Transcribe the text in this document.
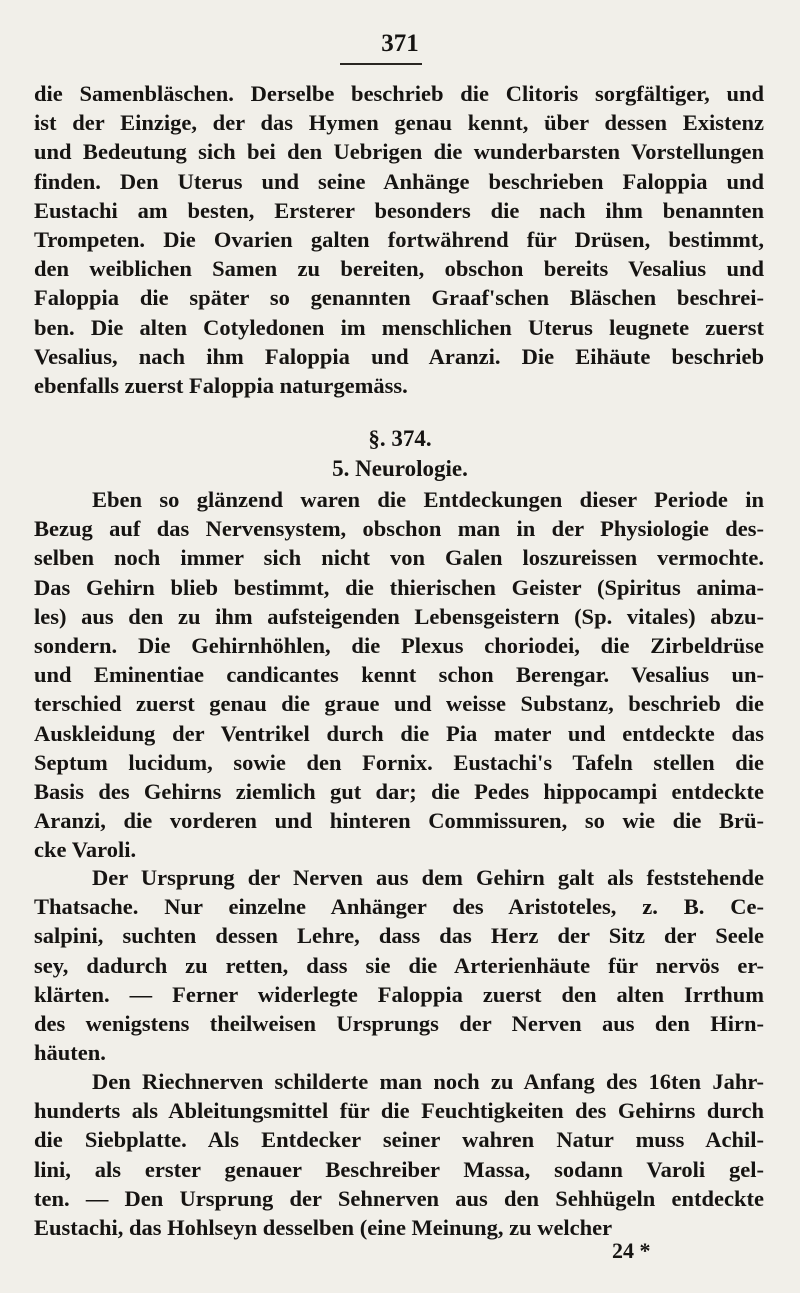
371
die Samenbläschen. Derselbe beschrieb die Clitoris sorgfältiger, und
ist der Einzige, der das Hymen genau kennt, über dessen Existenz
und Bedeutung sich bei den Uebrigen die wunderbarsten Vorstellungen
finden. Den Uterus und seine Anhänge beschrieben Faloppia und
Eustachi am besten, Ersterer besonders die nach ihm benannten
Trompeten. Die Ovarien galten fortwährend für Drüsen, bestimmt,
den weiblichen Samen zu bereiten, obschon bereits Vesalius und
Faloppia die später so genannten Graaf'schen Bläschen beschrei-
ben. Die alten Cotyledonen im menschlichen Uterus leugnete zuerst
Vesalius, nach ihm Faloppia und Aranzi. Die Eihäute beschrieb
ebenfalls zuerst Faloppia naturgemäss.
§. 374.
5. Neurologie.
Eben so glänzend waren die Entdeckungen dieser Periode in
Bezug auf das Nervensystem, obschon man in der Physiologie des-
selben noch immer sich nicht von Galen loszureissen vermochte.
Das Gehirn blieb bestimmt, die thierischen Geister (Spiritus anima-
les) aus den zu ihm aufsteigenden Lebensgeistern (Sp. vitales) abzu-
sondern. Die Gehirnhöhlen, die Plexus choriodei, die Zirbeldrüse
und Eminentiae candicantes kennt schon Berengar. Vesalius un-
terschied zuerst genau die graue und weisse Substanz, beschrieb die
Auskleidung der Ventrikel durch die Pia mater und entdeckte das
Septum lucidum, sowie den Fornix. Eustachi's Tafeln stellen die
Basis des Gehirns ziemlich gut dar; die Pedes hippocampi entdeckte
Aranzi, die vorderen und hinteren Commissuren, so wie die Brü-
cke Varoli.
Der Ursprung der Nerven aus dem Gehirn galt als feststehende
Thatsache. Nur einzelne Anhänger des Aristoteles, z. B. Ce-
salpini, suchten dessen Lehre, dass das Herz der Sitz der Seele
sey, dadurch zu retten, dass sie die Arterienhäute für nervös er-
klärten. — Ferner widerlegte Faloppia zuerst den alten Irrthum
des wenigstens theilweisen Ursprungs der Nerven aus den Hirn-
häuten.
Den Riechnerven schilderte man noch zu Anfang des 16ten Jahr-
hunderts als Ableitungsmittel für die Feuchtigkeiten des Gehirns durch
die Siebplatte. Als Entdecker seiner wahren Natur muss Achil-
lini, als erster genauer Beschreiber Massa, sodann Varoli gel-
ten. — Den Ursprung der Sehnerven aus den Sehhügeln entdeckte
Eustachi, das Hohlseyn desselben (eine Meinung, zu welcher
24 *
